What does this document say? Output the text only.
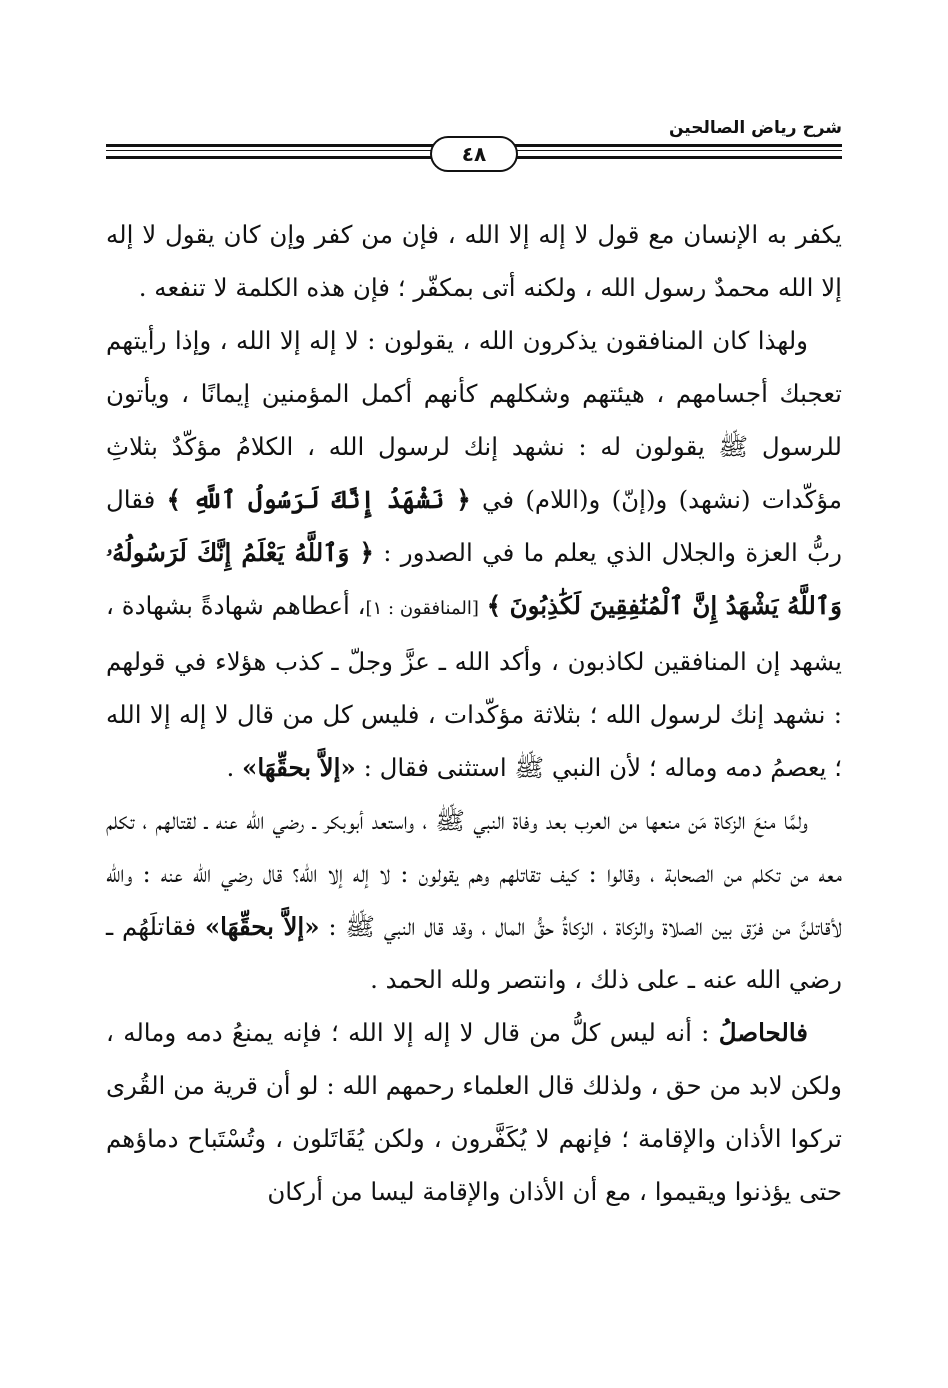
شرح رياض الصالحين
٤٨

يكفر به الإنسان مع قول لا إله إلا الله ، فإن من كفر وإن كان يقول لا إله إلا الله محمدٌ رسول الله ، ولكنه أتى بمكفّر ؛ فإن هذه الكلمة لا تنفعه .

ولهذا كان المنافقون يذكرون الله ، يقولون : لا إله إلا الله ، وإذا رأيتهم تعجبك أجسامهم ، هيئتهم وشكلهم كأنهم أكمل المؤمنين إيمانًا ، ويأتون للرسول ﷺ يقولون له : نشهد إنك لرسول الله ، الكلامُ مؤكّدٌ بثلاثِ مؤكّدات (نشهد) و(إنّ) و(اللام) في ﴿ نَشْهَدُ إِنَّكَ لَرَسُولُ ٱللَّهِ ﴾ فقال ربُّ العزة والجلال الذي يعلم ما في الصدور : ﴿ وَٱللَّهُ يَعْلَمُ إِنَّكَ لَرَسُولُهُۥ وَٱللَّهُ يَشْهَدُ إِنَّ ٱلْمُنَٰفِقِينَ لَكَٰذِبُونَ ﴾ [المنافقون : ١]، أعطاهم شهادةً بشهادة ، يشهد إن المنافقين لكاذبون ، وأكد الله ـ عزَّ وجلّ ـ كذب هؤلاء في قولهم : نشهد إنك لرسول الله ؛ بثلاثة مؤكّدات ، فليس كل من قال لا إله إلا الله ؛ يعصمُ دمه وماله ؛ لأن النبي ﷺ استثنى فقال : «إلاَّ بحقِّهَا» .

ولمَّا منعَ الزكاة مَن منعها من العرب بعد وفاة النبي ﷺ ، واستعد أبوبكر ـ رضي الله عنه ـ لقتالهم ، تكلم معه من تكلم من الصحابة ، وقالوا : كيف تقاتلهم وهم يقولون : لا إله إلا الله؟ قال رضي الله عنه : والله لأقاتلنَّ من فرّق بين الصلاة والزكاة ، الزكاةُ حقُّ المال ، وقد قال النبي ﷺ : «إلاَّ بحقِّهَا» فقاتلَهُم ـ رضي الله عنه ـ على ذلك ، وانتصر ولله الحمد .

فالحاصلُ : أنه ليس كلُّ من قال لا إله إلا الله ؛ فإنه يمنعُ دمه وماله ، ولكن لابد من حق ، ولذلك قال العلماء رحمهم الله : لو أن قرية من القُرى تركوا الأذان والإقامة ؛ فإنهم لا يُكَفَّرون ، ولكن يُقَاتَلون ، وتُسْتَباح دماؤهم حتى يؤذنوا ويقيموا ، مع أن الأذان والإقامة ليسا من أركان
